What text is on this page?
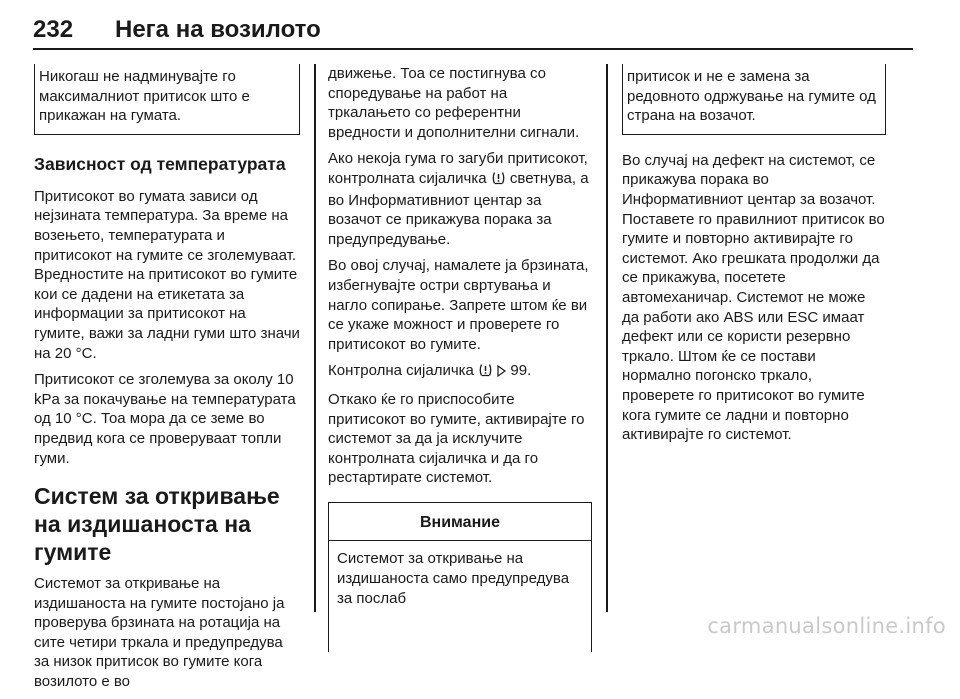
232 Нега на возилото
Никогаш не надминувајте го максималниот притисок што е прикажан на гумата.
Зависност од температурата

Притисокот во гумата зависи од нејзината температура. За време на возењето, температурата и притисокот на гумите се зголемуваат. Вредностите на притисокот во гумите кои се дадени на етикетата за информации за притисокот на гумите, важи за ладни гуми што значи на 20 °C.

Притисокот се зголемува за околу 10 kPa за покачување на температурата од 10 °C. Тоа мора да се земе во предвид кога се проверуваат топли гуми.

Систем за откривање на издишаноста на гумите

Системот за откривање на издишаноста на гумите постојано ја проверува брзината на ротација на сите четири тркала и предупредува за низок притисок во гумите кога возилото е во

движење. Тоа се постигнува со споредување на работ на тркалањето со референтни вредности и дополнителни сигнали.

Ако некоја гума го загуби притисокот, контролната сијаличка светнува, а во Информативниот центар за возачот се прикажува порака за предупредување.

Во овој случај, намалете ја брзината, избегнувајте остри свртувања и нагло сопирање. Запрете штом ќе ви се укаже можност и проверете го притисокот во гумите.

Контролна сијаличка 99.

Откако ќе го приспособите притисокот во гумите, активирајте го системот за да ја исклучите контролната сијаличка и да го рестартирате системот.

Внимание
Системот за откривање на издишаноста само предупредува за послаб
притисок и не е замена за редовното одржување на гумите од страна на возачот.

Во случај на дефект на системот, се прикажува порака во Информативниот центар за возачот. Поставете го правилниот притисок во гумите и повторно активирајте го системот. Ако грешката продолжи да се прикажува, посетете автомеханичар. Системот не може да работи ако ABS или ESC имаат дефект или се користи резервно тркало. Штом ќе се постави нормално погонско тркало, проверете го притисокот во гумите кога гумите се ладни и повторно активирајте го системот.

carmanualsonline.info
